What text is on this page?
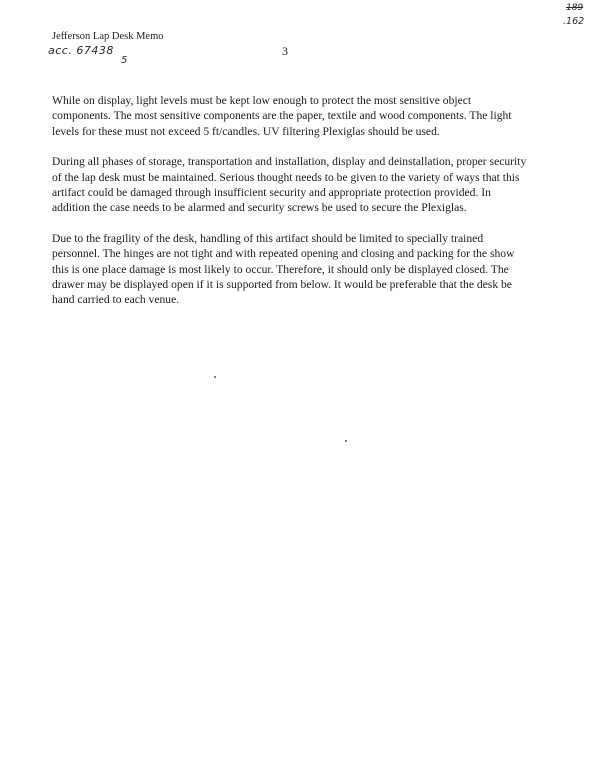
189
.162
Jefferson Lap Desk Memo
acc. 67438
5
3

While on display, light levels must be kept low enough to protect the most sensitive object components. The most sensitive components are the paper, textile and wood components. The light levels for these must not exceed 5 ft/candles. UV filtering Plexiglas should be used.

During all phases of storage, transportation and installation, display and deinstallation, proper security of the lap desk must be maintained. Serious thought needs to be given to the variety of ways that this artifact could be damaged through insufficient security and appropriate protection provided. In addition the case needs to be alarmed and security screws be used to secure the Plexiglas.

Due to the fragility of the desk, handling of this artifact should be limited to specially trained personnel. The hinges are not tight and with repeated opening and closing and packing for the show this is one place damage is most likely to occur. Therefore, it should only be displayed closed. The drawer may be displayed open if it is supported from below. It would be preferable that the desk be hand carried to each venue.
